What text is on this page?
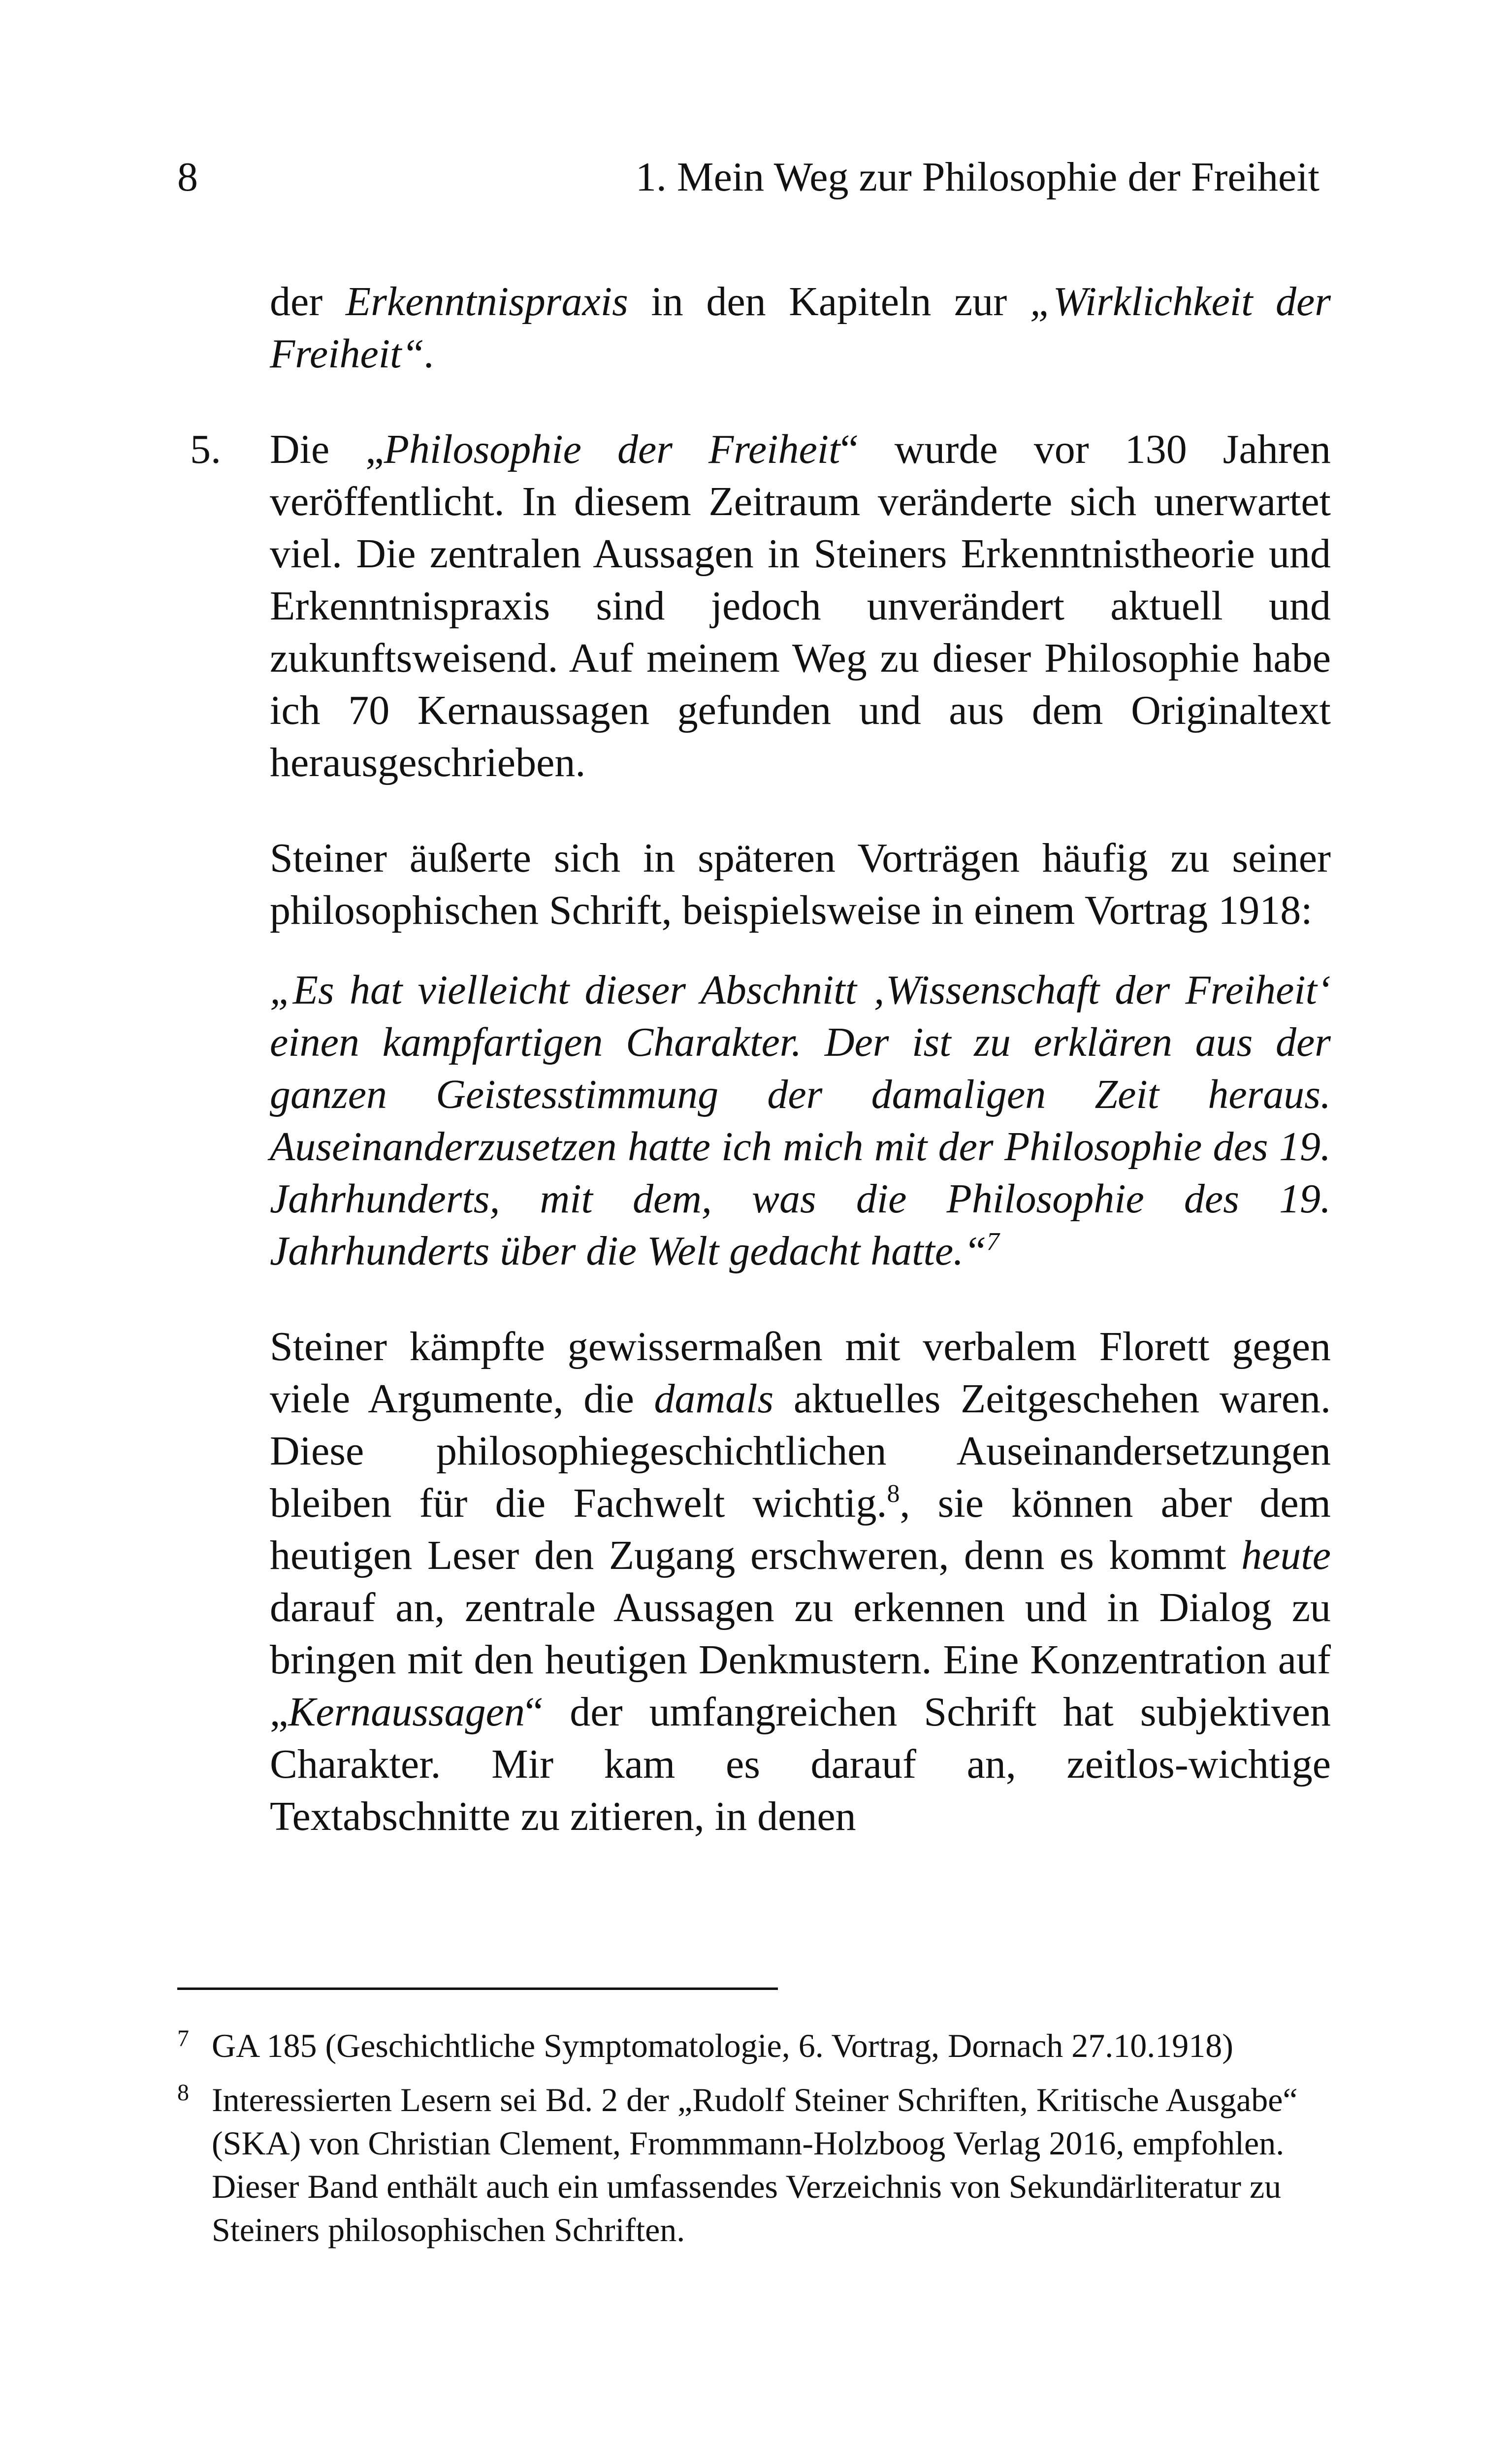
8	1. Mein Weg zur Philosophie der Freiheit

der Erkenntnispraxis in den Kapiteln zur „Wirklichkeit der Freiheit“.

5. Die „Philosophie der Freiheit“ wurde vor 130 Jahren veröffentlicht. In diesem Zeitraum veränderte sich unerwartet viel. Die zentralen Aussagen in Steiners Erkenntnistheorie und Erkenntnispraxis sind jedoch unverändert aktuell und zukunftsweisend. Auf meinem Weg zu dieser Philosophie habe ich 70 Kernaussagen gefunden und aus dem Originaltext herausgeschrieben.

Steiner äußerte sich in späteren Vorträgen häufig zu seiner philosophischen Schrift, beispielsweise in einem Vortrag 1918:

„Es hat vielleicht dieser Abschnitt ‚Wissenschaft der Freiheit‘ einen kampfartigen Charakter. Der ist zu erklären aus der ganzen Geistesstimmung der damaligen Zeit heraus. Auseinanderzusetzen hatte ich mich mit der Philosophie des 19. Jahrhunderts, mit dem, was die Philosophie des 19. Jahrhunderts über die Welt gedacht hatte.“$^7$

Steiner kämpfte gewissermaßen mit verbalem Florett gegen viele Argumente, die damals aktuelles Zeitgeschehen waren. Diese philosophiegeschichtlichen Auseinandersetzungen bleiben für die Fachwelt wichtig.$^8$, sie können aber dem heutigen Leser den Zugang erschweren, denn es kommt heute darauf an, zentrale Aussagen zu erkennen und in Dialog zu bringen mit den heutigen Denkmustern. Eine Konzentration auf „Kernaussagen“ der umfangreichen Schrift hat subjektiven Charakter. Mir kam es darauf an, zeitlos-wichtige Textabschnitte zu zitieren, in denen

7 GA 185 (Geschichtliche Symptomatologie, 6. Vortrag, Dornach 27.10.1918)
8 Interessierten Lesern sei Bd. 2 der „Rudolf Steiner Schriften, Kritische Ausgabe“ (SKA) von Christian Clement, Frommmann-Holzboog Verlag 2016, empfohlen. Dieser Band enthält auch ein umfassendes Verzeichnis von Sekundärliteratur zu Steiners philosophischen Schriften.
